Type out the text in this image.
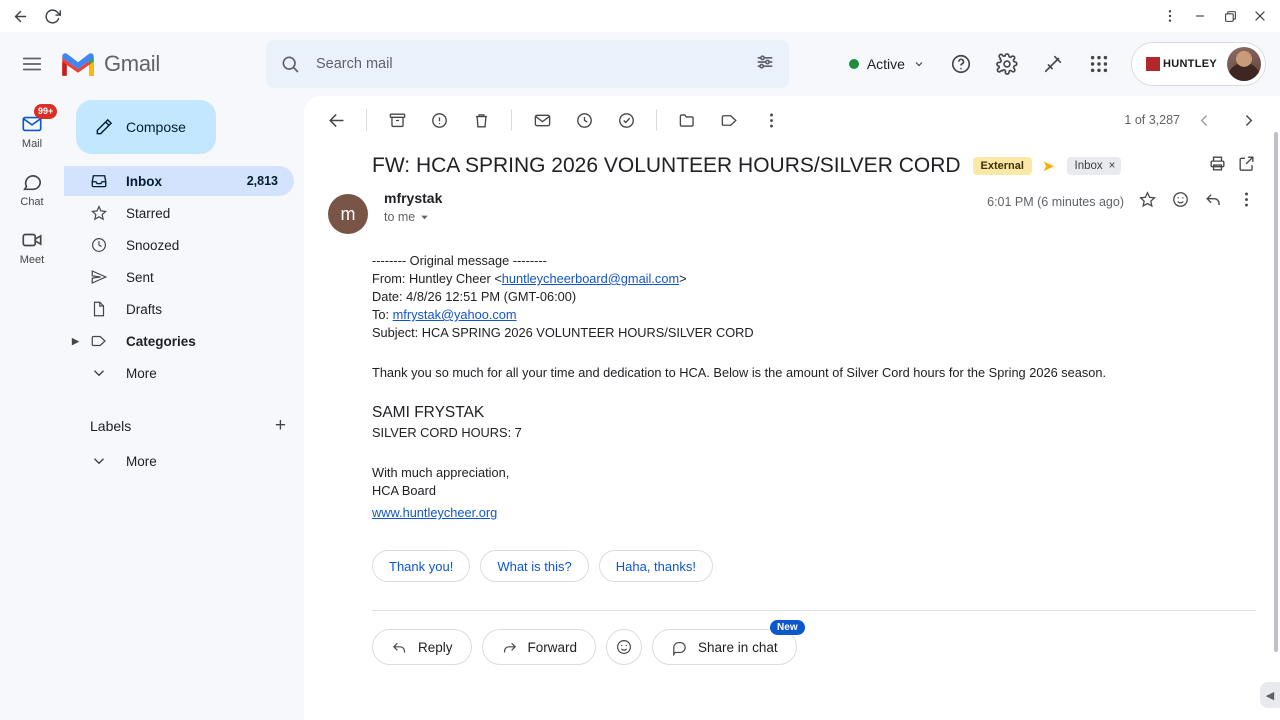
Gmail
Search mail	Active	HUNTLEY
99+
Mail
Chat
Meet
Compose
Inbox	2,813
Starred
Snoozed
Sent
Drafts
▶	Categories
More
Labels	+
More
1 of 3,287
FW: HCA SPRING 2026 VOLUNTEER HOURS/SILVER CORD	External	➤ Inbox ×
m
mfrystak
to me
6:01 PM (6 minutes ago)
-------- Original message --------
From: Huntley Cheer <huntleycheerboard@gmail.com>
Date: 4/8/26 12:51 PM (GMT-06:00)
To: mfrystak@yahoo.com
Subject: HCA SPRING 2026 VOLUNTEER HOURS/SILVER CORD
Thank you so much for all your time and dedication to HCA. Below is the amount of Silver Cord hours for the Spring 2026 season.
SAMI FRYSTAK
SILVER CORD HOURS: 7
With much appreciation,
HCA Board
www.huntleycheer.org
Thank you!	What is this?	Haha, thanks!
Reply	Forward	Share in chat
New
◀
